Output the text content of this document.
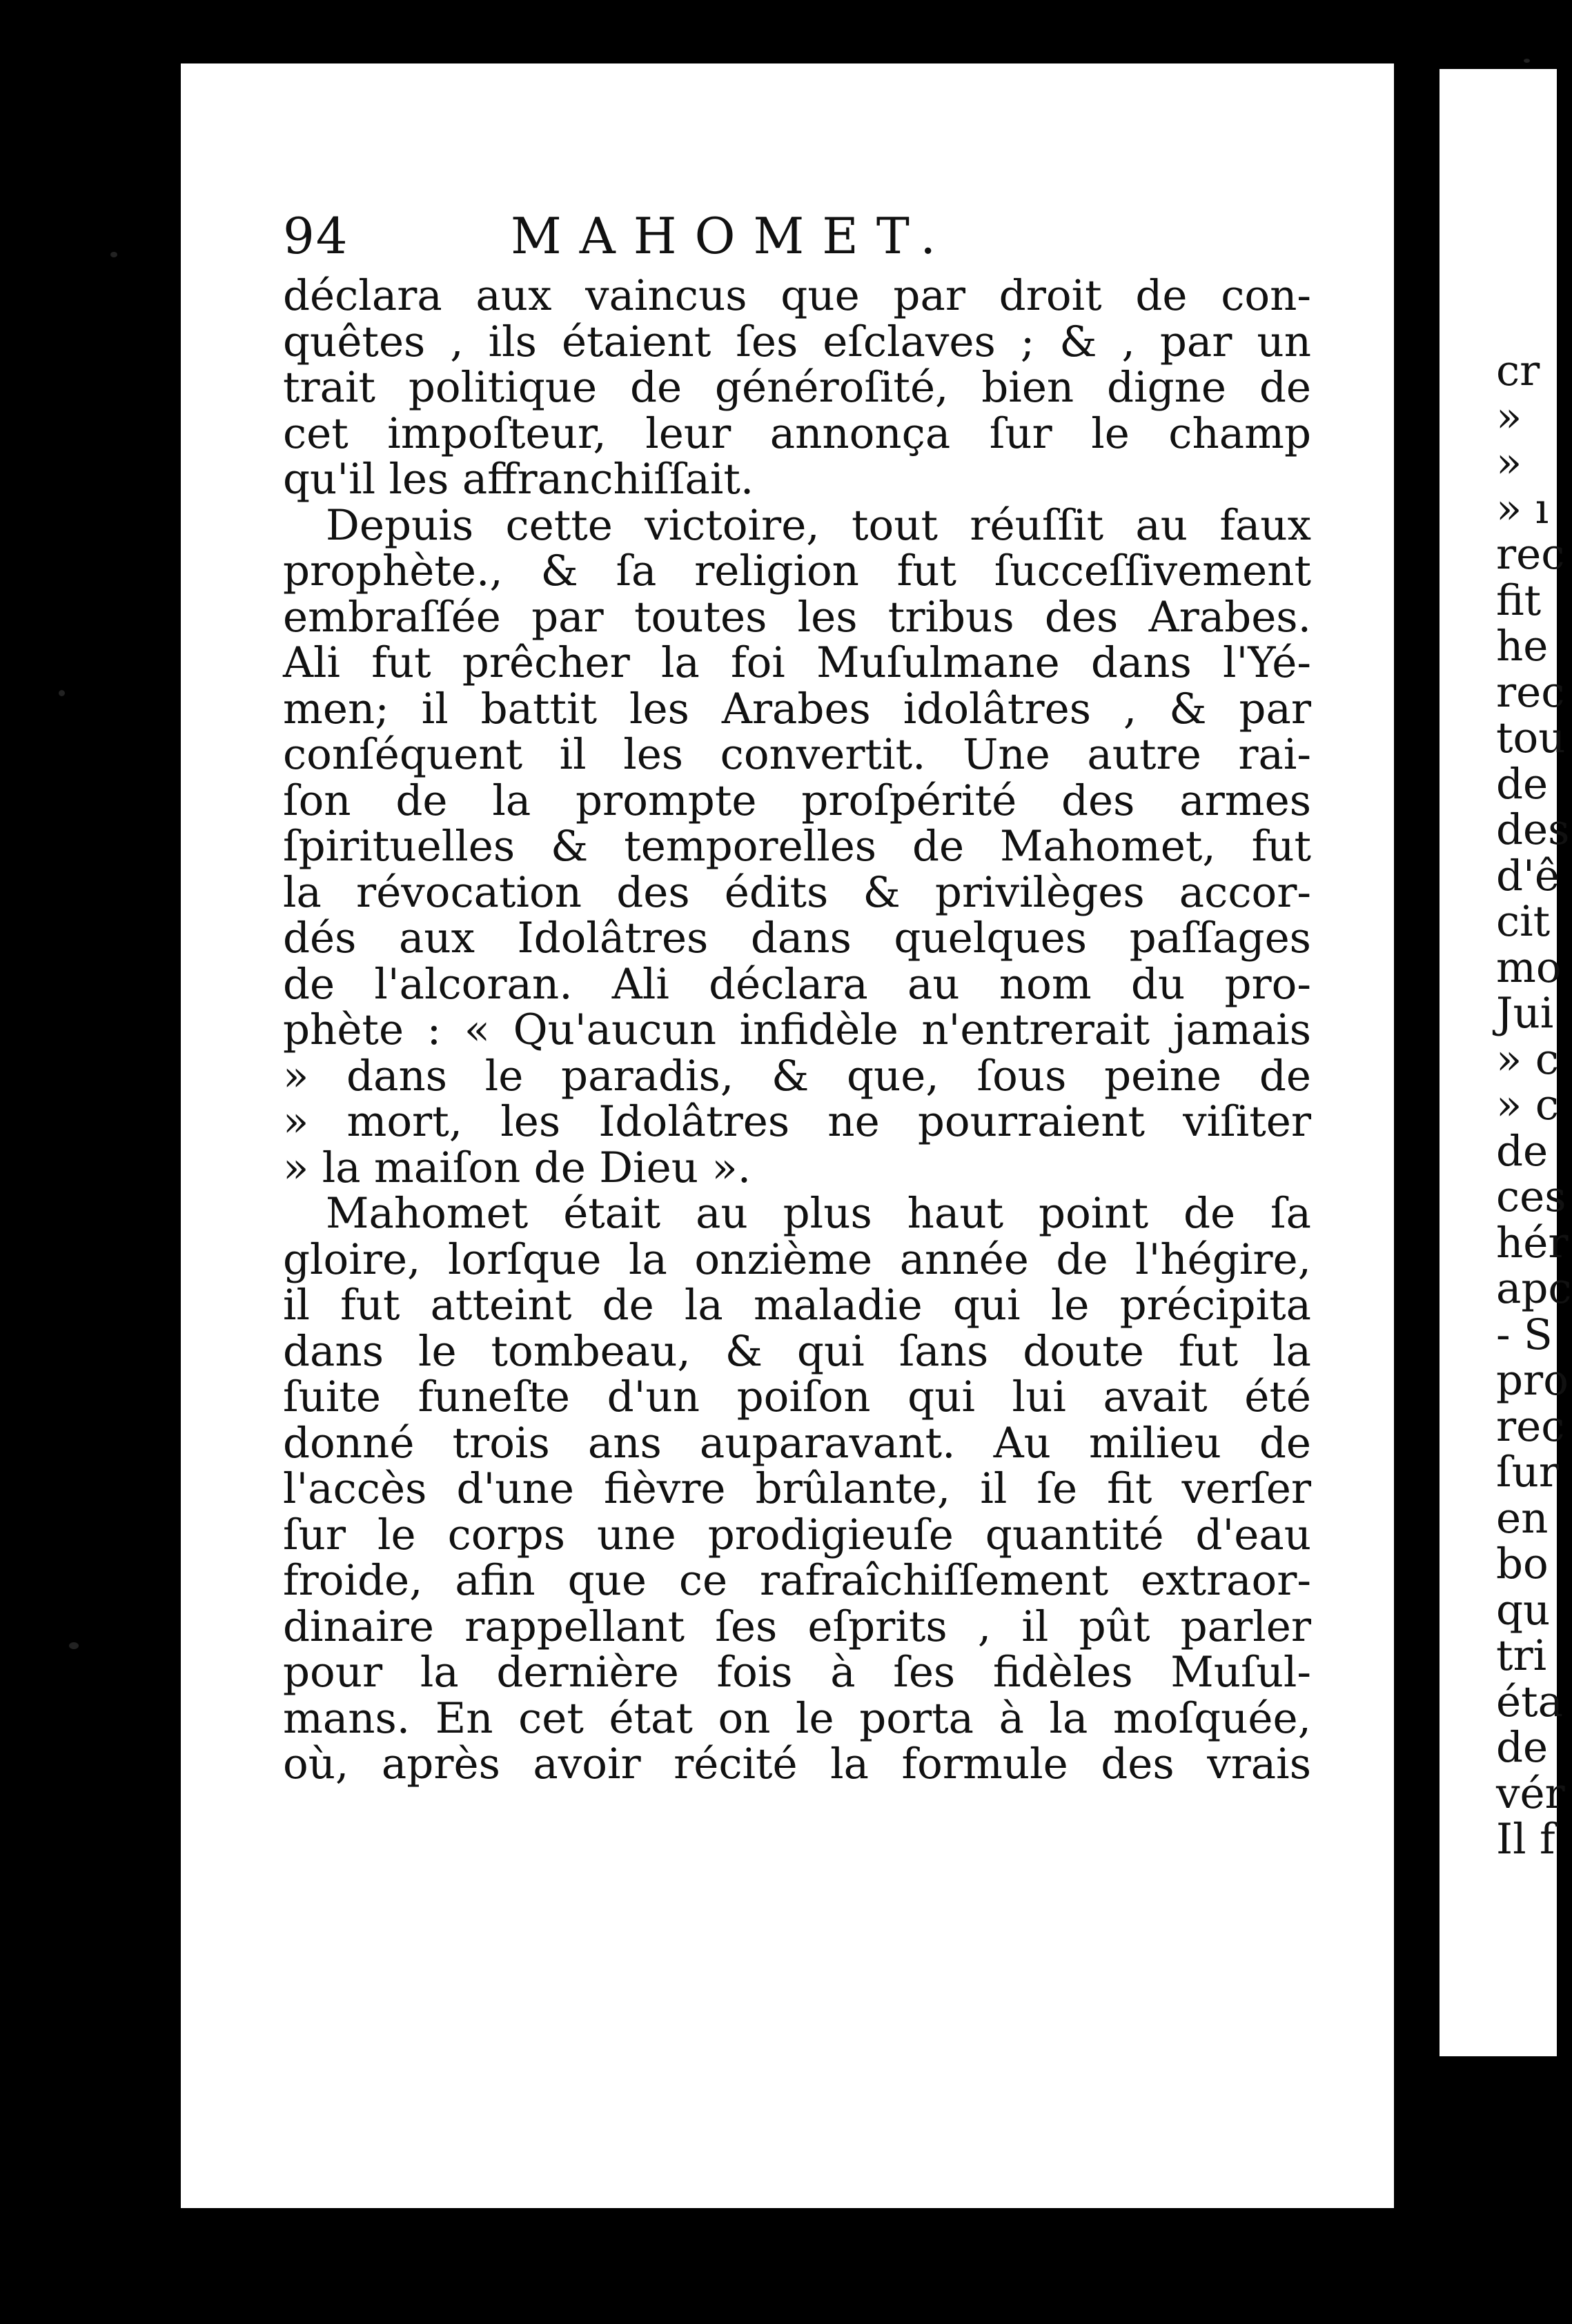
94	MAHOMET.
déclara aux vaincus que par droit de con-
quêtes , ils étaient ſes eſclaves ; & , par un
trait politique de généroſité, bien digne de
cet impoſteur, leur annonça ſur le champ
qu'il les affranchiſſait.
Depuis cette victoire, tout réuſſit au faux
prophète., & ſa religion fut ſucceſſivement
embraſſée par toutes les tribus des Arabes.
Ali fut prêcher la foi Muſulmane dans l'Yé-
men; il battit les Arabes idolâtres , & par
conſéquent il les convertit. Une autre rai-
ſon de la prompte proſpérité des armes
ſpirituelles & temporelles de Mahomet, fut
la révocation des édits & privilèges accor-
dés aux Idolâtres dans quelques paſſages
de l'alcoran. Ali déclara au nom du pro-
phète : « Qu'aucun infidèle n'entrerait jamais
» dans le paradis, & que, ſous peine de
» mort, les Idolâtres ne pourraient viſiter
» la maiſon de Dieu ».
Mahomet était au plus haut point de ſa
gloire, lorſque la onzième année de l'hégire,
il fut atteint de la maladie qui le précipita
dans le tombeau, & qui ſans doute fut la
ſuite funeſte d'un poiſon qui lui avait été
donné trois ans auparavant. Au milieu de
l'accès d'une fièvre brûlante, il ſe fit verſer
ſur le corps une prodigieuſe quantité d'eau
froide, afin que ce rafraîchiſſement extraor-
dinaire rappellant ſes eſprits , il pût parler
pour la dernière fois à ſes fidèles Muſul-
mans. En cet état on le porta à la moſquée,
où, après avoir récité la formule des vrais
cr
»
»
» ı
rec
fit
he
rec
tou
de
des
d'ê
cit
mo
Jui
» c
» c
de
ces
hér
apc
- S
pro
rec
ſur
en
bo
qu
tri
éta
de
vér
Il f
